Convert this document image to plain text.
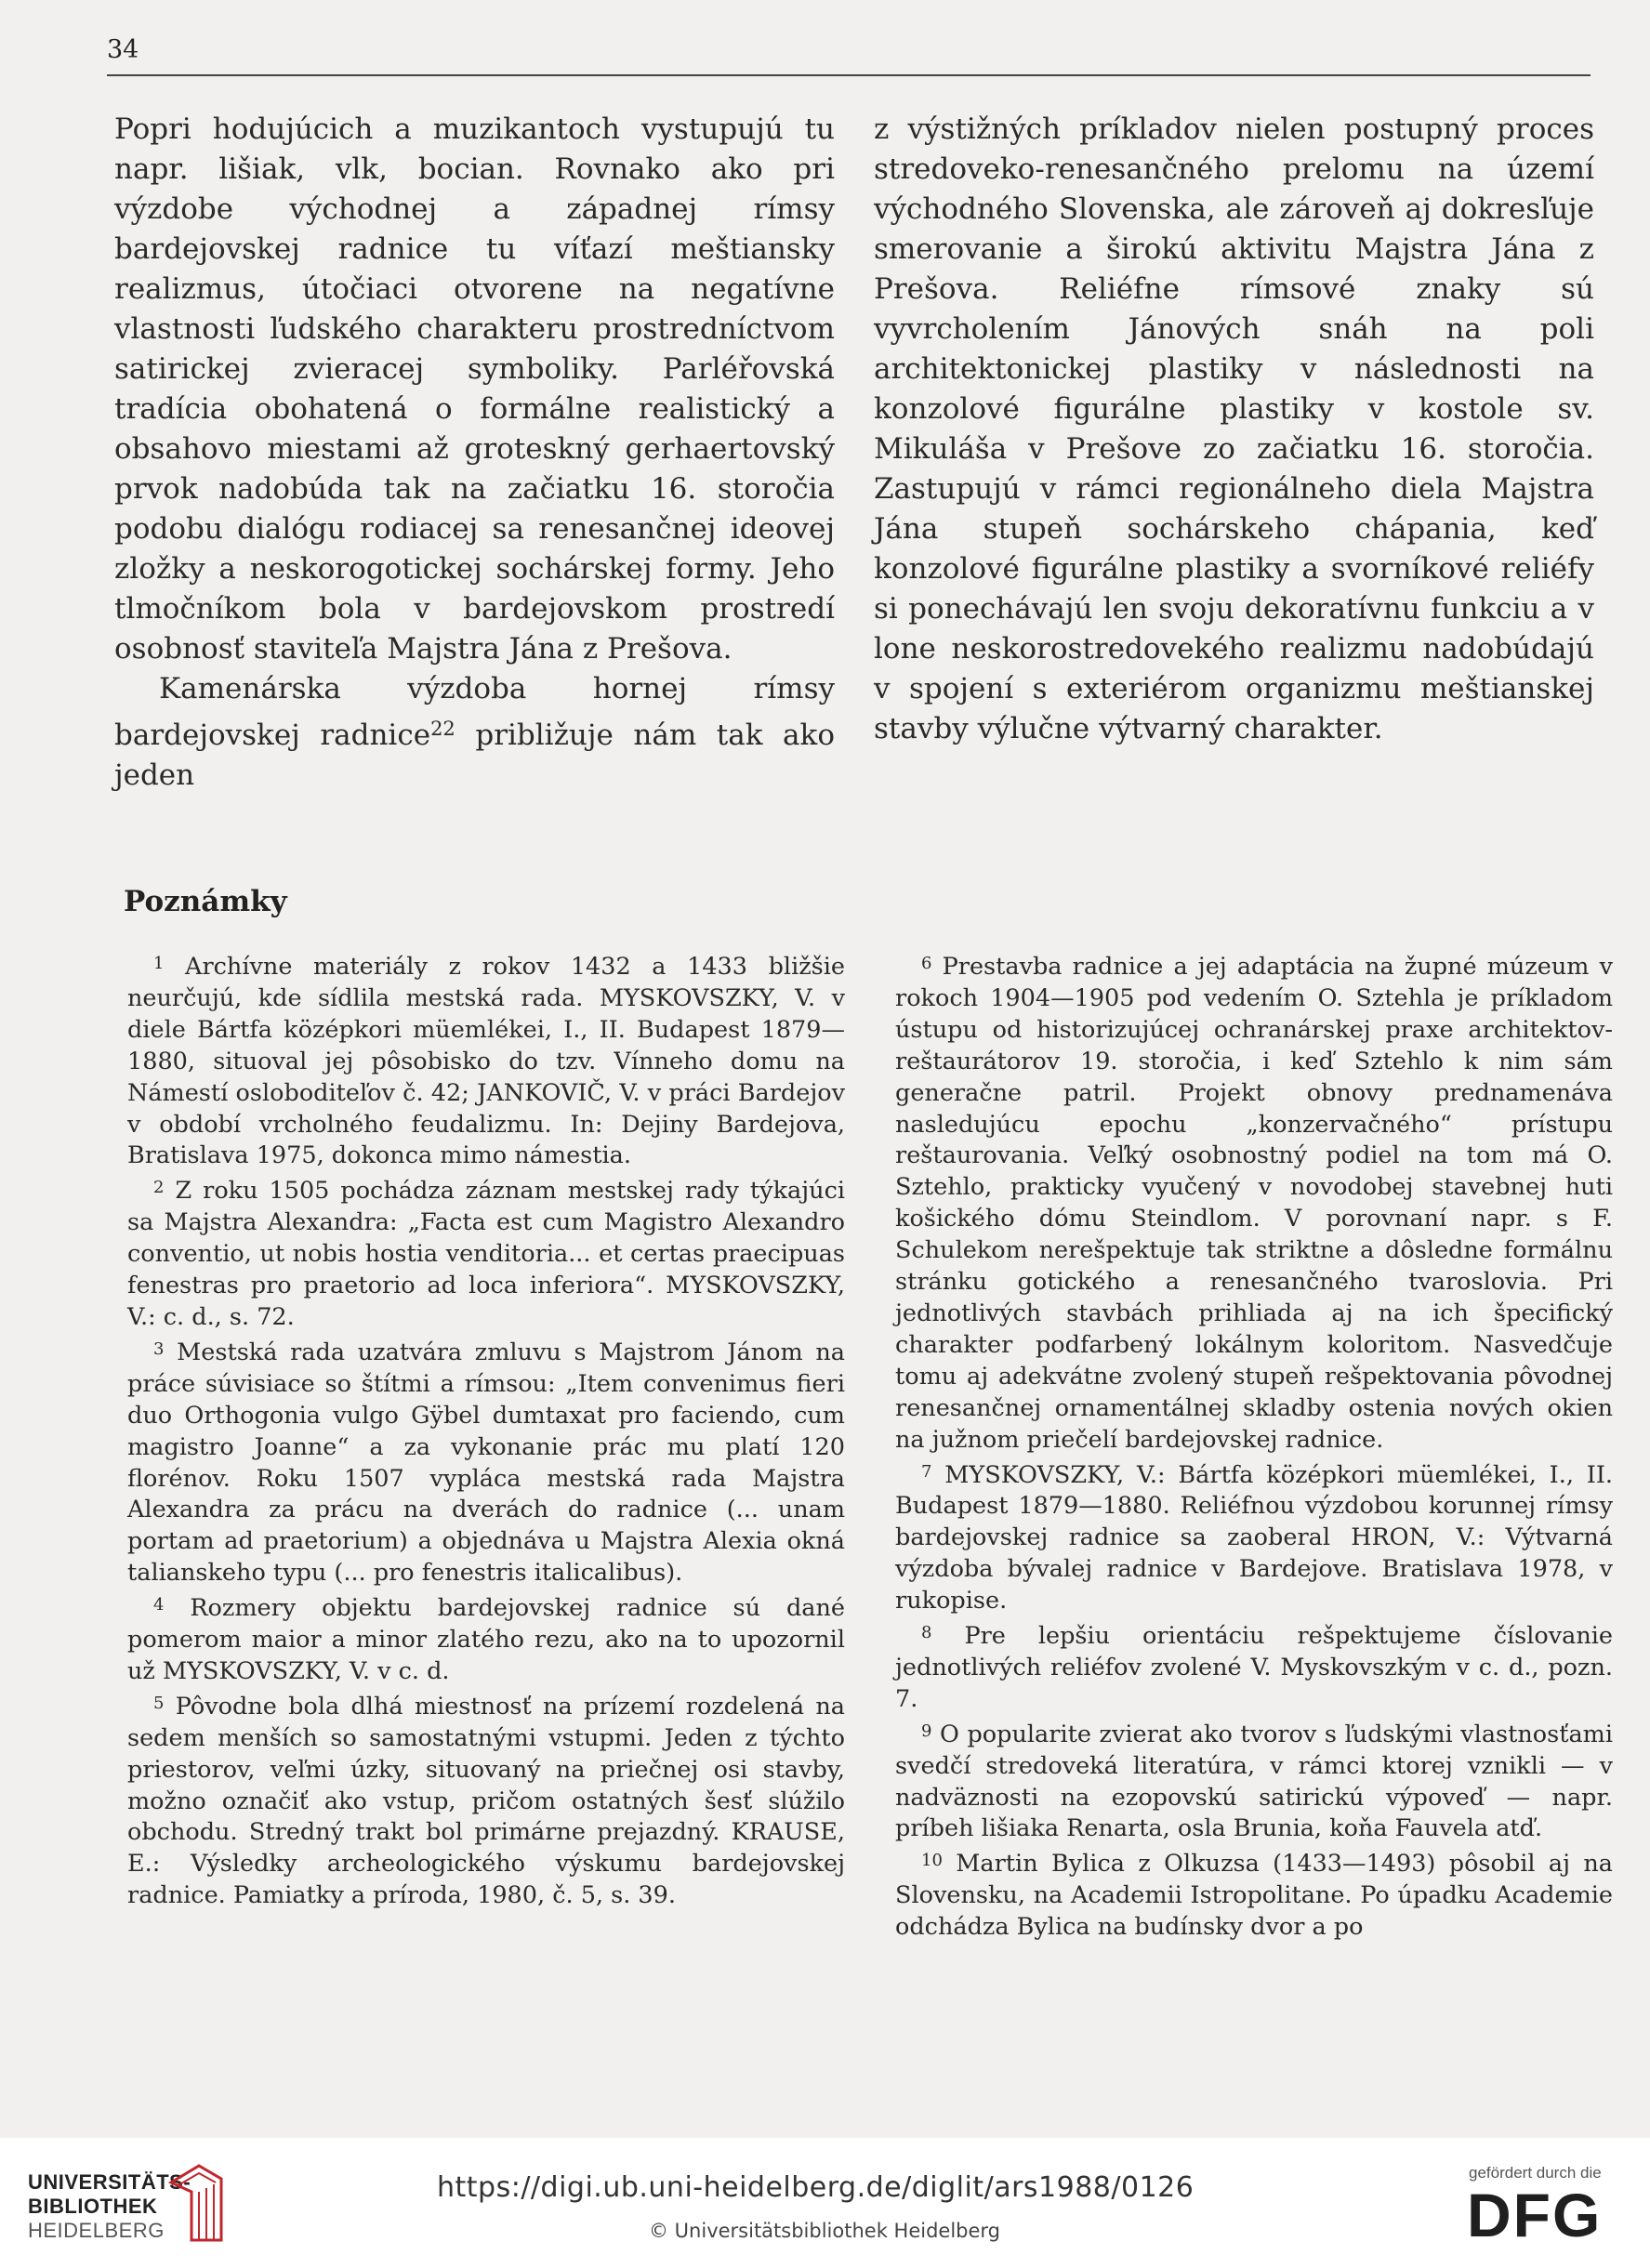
34

Popri hodujúcich a muzikantoch vystupujú tu napr. lišiak, vlk, bocian. Rovnako ako pri výzdobe východnej a západnej rímsy bardejovskej radnice tu víťazí meštiansky realizmus, útočiaci otvorene na negatívne vlastnosti ľudského charakteru prostredníctvom satirickej zvieracej symboliky. Parléřovská tradícia obohatená o formálne realistický a obsahovo miestami až groteskný gerhaertovský prvok nadobúda tak na začiatku 16. storočia podobu dialógu rodiacej sa renesančnej ideovej zložky a neskorogotickej sochárskej formy. Jeho tlmočníkom bola v bardejovskom prostredí osobnosť staviteľa Majstra Jána z Prešova.

Kamenárska výzdoba hornej rímsy bardejovskej radnice$^{22}$ približuje nám tak ako jeden

z výstižných príkladov nielen postupný proces stredoveko-renesančného prelomu na území východného Slovenska, ale zároveň aj dokresľuje smerovanie a širokú aktivitu Majstra Jána z Prešova. Reliéfne rímsové znaky sú vyvrcholením Jánových snáh na poli architektonickej plastiky v následnosti na konzolové figurálne plastiky v kostole sv. Mikuláša v Prešove zo začiatku 16. storočia. Zastupujú v rámci regionálneho diela Majstra Jána stupeň sochárskeho chápania, keď konzolové figurálne plastiky a svorníkové reliéfy si ponechávajú len svoju dekoratívnu funkciu a v lone neskorostredovekého realizmu nadobúdajú v spojení s exteriérom organizmu meštianskej stavby výlučne výtvarný charakter.

Poznámky

$^1$ Archívne materiály z rokov 1432 a 1433 bližšie neurčujú, kde sídlila mestská rada. MYSKOVSZKY, V. v diele Bártfa középkori müemlékei, I., II. Budapest 1879—1880, situoval jej pôsobisko do tzv. Vínneho domu na Námestí osloboditeľov č. 42; JANKOVIČ, V. v práci Bardejov v období vrcholného feudalizmu. In: Dejiny Bardejova, Bratislava 1975, dokonca mimo námestia.

$^2$ Z roku 1505 pochádza záznam mestskej rady týkajúci sa Majstra Alexandra: „Facta est cum Magistro Alexandro conventio, ut nobis hostia venditoria... et certas praecipuas fenestras pro praetorio ad loca inferiora“. MYSKOVSZKY, V.: c. d., s. 72.

$^3$ Mestská rada uzatvára zmluvu s Majstrom Jánom na práce súvisiace so štítmi a rímsou: „Item convenimus fieri duo Orthogonia vulgo Gÿbel dumtaxat pro faciendo, cum magistro Joanne“ a za vykonanie prác mu platí 120 florénov. Roku 1507 vypláca mestská rada Majstra Alexandra za prácu na dverách do radnice (... unam portam ad praetorium) a objednáva u Majstra Alexia okná talianskeho typu (... pro fenestris italicalibus).

$^4$ Rozmery objektu bardejovskej radnice sú dané pomerom maior a minor zlatého rezu, ako na to upozornil už MYSKOVSZKY, V. v c. d.

$^5$ Pôvodne bola dlhá miestnosť na prízemí rozdelená na sedem menších so samostatnými vstupmi. Jeden z týchto priestorov, veľmi úzky, situovaný na priečnej osi stavby, možno označiť ako vstup, pričom ostatných šesť slúžilo obchodu. Stredný trakt bol primárne prejazdný. KRAUSE, E.: Výsledky archeologického výskumu bardejovskej radnice. Pamiatky a príroda, 1980, č. 5, s. 39.

$^6$ Prestavba radnice a jej adaptácia na župné múzeum v rokoch 1904—1905 pod vedením O. Sztehla je príkladom ústupu od historizujúcej ochranárskej praxe architektov-reštaurátorov 19. storočia, i keď Sztehlo k nim sám generačne patril. Projekt obnovy prednamenáva nasledujúcu epochu „konzervačného“ prístupu reštaurovania. Veľký osobnostný podiel na tom má O. Sztehlo, prakticky vyučený v novodobej stavebnej huti košického dómu Steindlom. V porovnaní napr. s F. Schulekom nerešpektuje tak striktne a dôsledne formálnu stránku gotického a renesančného tvaroslovia. Pri jednotlivých stavbách prihliada aj na ich špecifický charakter podfarbený lokálnym koloritom. Nasvedčuje tomu aj adekvátne zvolený stupeň rešpektovania pôvodnej renesančnej ornamentálnej skladby ostenia nových okien na južnom priečelí bardejovskej radnice.

$^7$ MYSKOVSZKY, V.: Bártfa középkori müemlékei, I., II. Budapest 1879—1880. Reliéfnou výzdobou korunnej rímsy bardejovskej radnice sa zaoberal HRON, V.: Výtvarná výzdoba bývalej radnice v Bardejove. Bratislava 1978, v rukopise.

$^8$ Pre lepšiu orientáciu rešpektujeme číslovanie jednotlivých reliéfov zvolené V. Myskovszkým v c. d., pozn. 7.

$^9$ O popularite zvierat ako tvorov s ľudskými vlastnosťami svedčí stredoveká literatúra, v rámci ktorej vznikli — v nadväznosti na ezopovskú satirickú výpoveď — napr. príbeh lišiaka Renarta, osla Brunia, koňa Fauvela atď.

$^{10}$ Martin Bylica z Olkuzsa (1433—1493) pôsobil aj na Slovensku, na Academii Istropolitane. Po úpadku Academie odchádza Bylica na budínsky dvor a po

UNIVERSITÄTS-
BIBLIOTHEK
HEIDELBERG
https://digi.ub.uni-heidelberg.de/diglit/ars1988/0126
© Universitätsbibliothek Heidelberg
gefördert durch die
DFG
